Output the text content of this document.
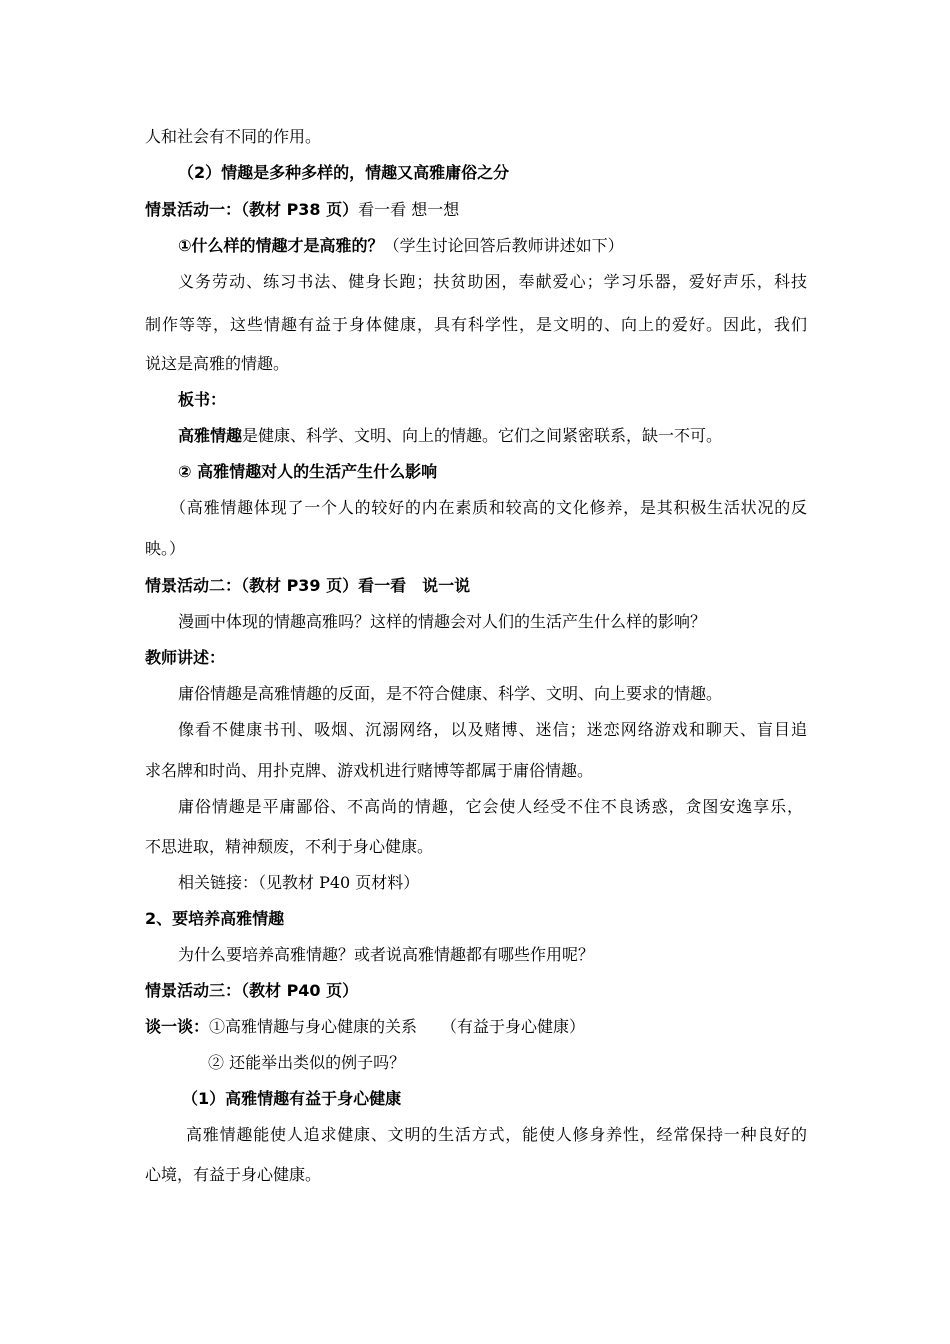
人和社会有不同的作用。
（2）情趣是多种多样的，情趣又高雅庸俗之分
情景活动一：（教材 P38 页）看一看 想一想
①什么样的情趣才是高雅的？（学生讨论回答后教师讲述如下）
义务劳动、练习书法、健身长跑；扶贫助困，奉献爱心；学习乐器，爱好声乐，科技
制作等等，这些情趣有益于身体健康，具有科学性，是文明的、向上的爱好。因此，我们
说这是高雅的情趣。
板书：
高雅情趣是健康、科学、文明、向上的情趣。它们之间紧密联系，缺一不可。
② 高雅情趣对人的生活产生什么影响
（高雅情趣体现了一个人的较好的内在素质和较高的文化修养，是其积极生活状况的反
映。）
情景活动二：（教材 P39 页）看一看　说一说
漫画中体现的情趣高雅吗？这样的情趣会对人们的生活产生什么样的影响？
教师讲述：
庸俗情趣是高雅情趣的反面，是不符合健康、科学、文明、向上要求的情趣。
像看不健康书刊、吸烟、沉溺网络，以及赌博、迷信；迷恋网络游戏和聊天、盲目追
求名牌和时尚、用扑克牌、游戏机进行赌博等都属于庸俗情趣。
庸俗情趣是平庸鄙俗、不高尚的情趣，它会使人经受不住不良诱惑，贪图安逸享乐，
不思进取，精神颓废，不利于身心健康。
相关链接：（见教材 P40 页材料）
2、要培养高雅情趣
为什么要培养高雅情趣？或者说高雅情趣都有哪些作用呢？
情景活动三：（教材 P40 页）
谈一谈：①高雅情趣与身心健康的关系　　（有益于身心健康）
② 还能举出类似的例子吗？
（1）高雅情趣有益于身心健康
高雅情趣能使人追求健康、文明的生活方式，能使人修身养性，经常保持一种良好的
心境，有益于身心健康。
